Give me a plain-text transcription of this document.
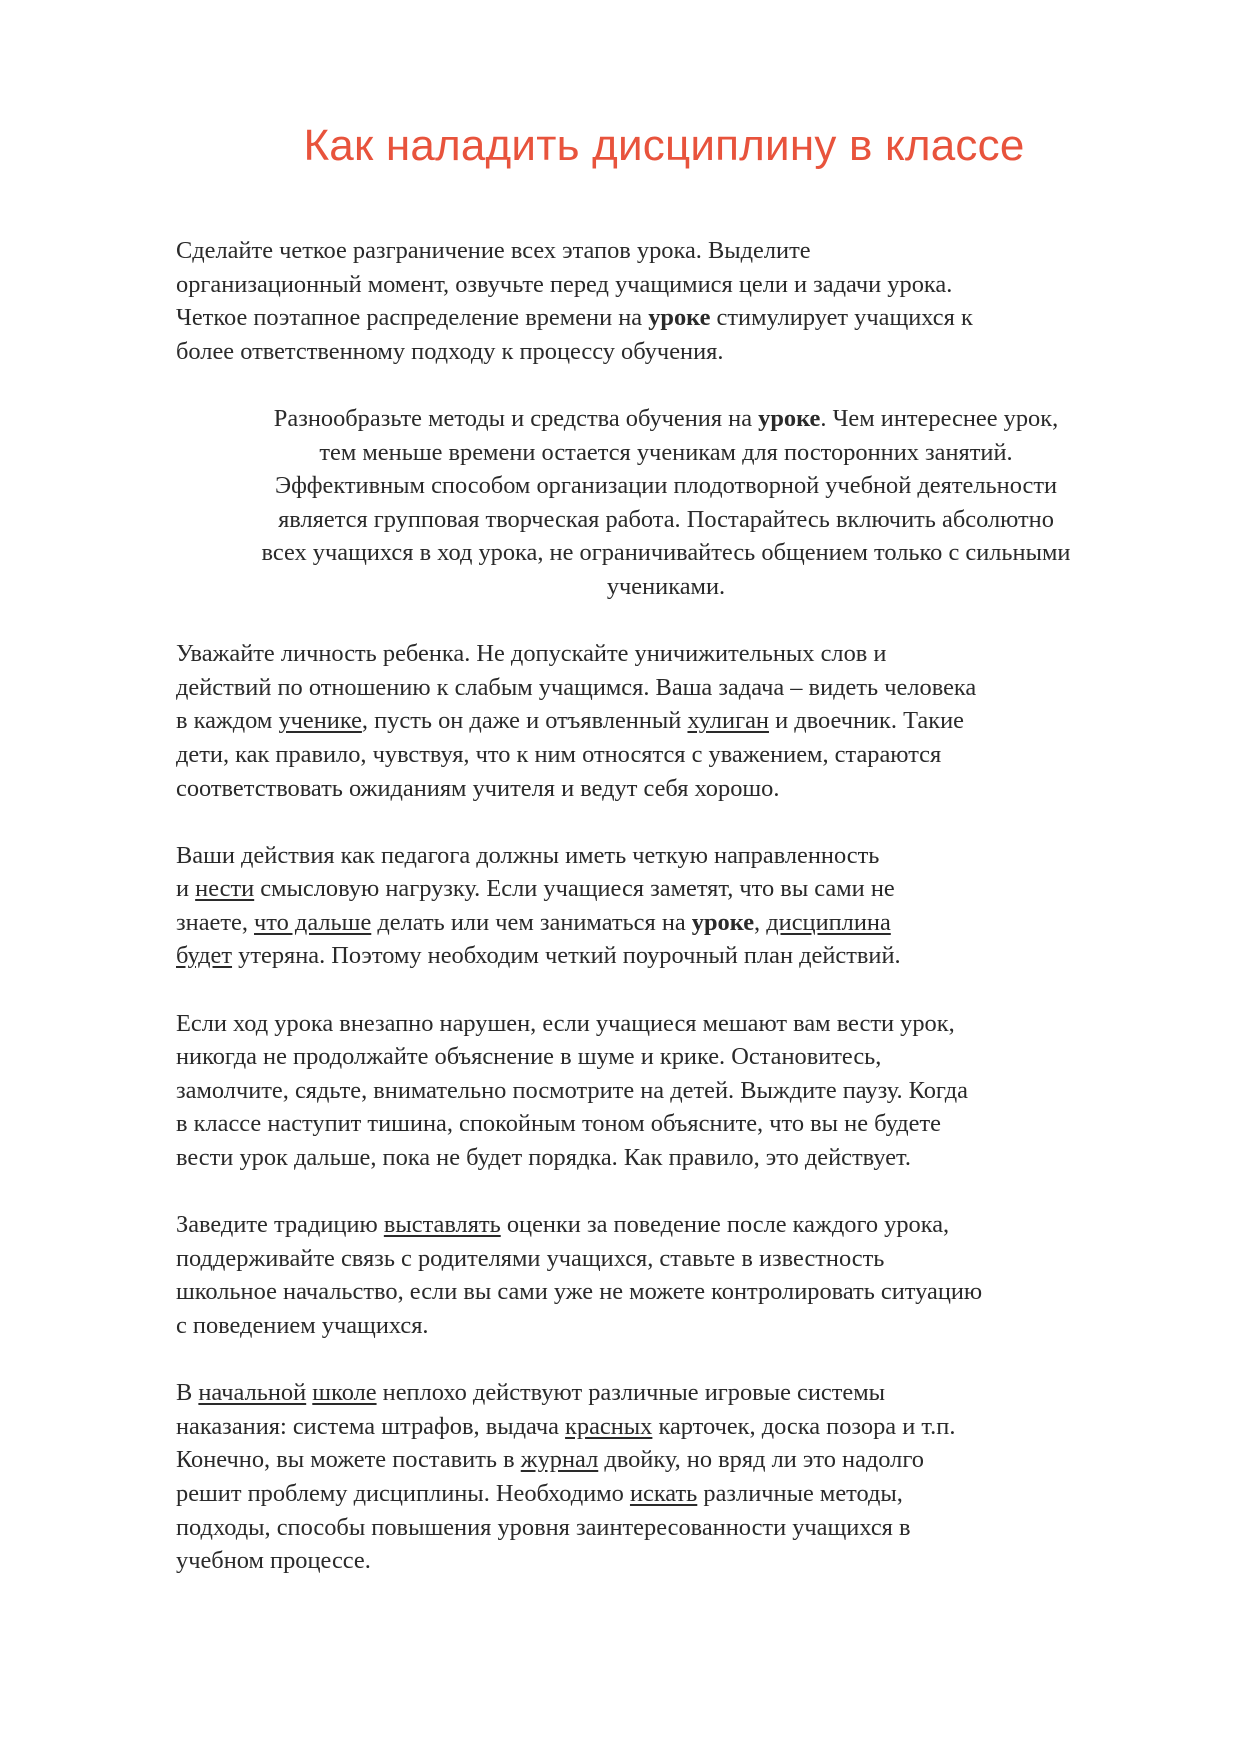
Как наладить дисциплину в классе
Сделайте четкое разграничение всех этапов урока. Выделите
организационный момент, озвучьте перед учащимися цели и задачи урока.
Четкое поэтапное распределение времени на уроке стимулирует учащихся к
более ответственному подходу к процессу обучения.
Разнообразьте методы и средства обучения на уроке. Чем интереснее урок,
тем меньше времени остается ученикам для посторонних занятий.
Эффективным способом организации плодотворной учебной деятельности
является групповая творческая работа. Постарайтесь включить абсолютно
всех учащихся в ход урока, не ограничивайтесь общением только с сильными
учениками.
Уважайте личность ребенка. Не допускайте уничижительных слов и
действий по отношению к слабым учащимся. Ваша задача – видеть человека
в каждом ученике, пусть он даже и отъявленный хулиган и двоечник. Такие
дети, как правило, чувствуя, что к ним относятся с уважением, стараются
соответствовать ожиданиям учителя и ведут себя хорошо.
Ваши действия как педагога должны иметь четкую направленность
и нести смысловую нагрузку. Если учащиеся заметят, что вы сами не
знаете, что дальше делать или чем заниматься на уроке, дисциплина
будет утеряна. Поэтому необходим четкий поурочный план действий.
Если ход урока внезапно нарушен, если учащиеся мешают вам вести урок,
никогда не продолжайте объяснение в шуме и крике. Остановитесь,
замолчите, сядьте, внимательно посмотрите на детей. Выждите паузу. Когда
в классе наступит тишина, спокойным тоном объясните, что вы не будете
вести урок дальше, пока не будет порядка. Как правило, это действует.
Заведите традицию выставлять оценки за поведение после каждого урока,
поддерживайте связь с родителями учащихся, ставьте в известность
школьное начальство, если вы сами уже не можете контролировать ситуацию
с поведением учащихся.
В начальной школе неплохо действуют различные игровые системы
наказания: система штрафов, выдача красных карточек, доска позора и т.п.
Конечно, вы можете поставить в журнал двойку, но вряд ли это надолго
решит проблему дисциплины. Необходимо искать различные методы,
подходы, способы повышения уровня заинтересованности учащихся в
учебном процессе.
